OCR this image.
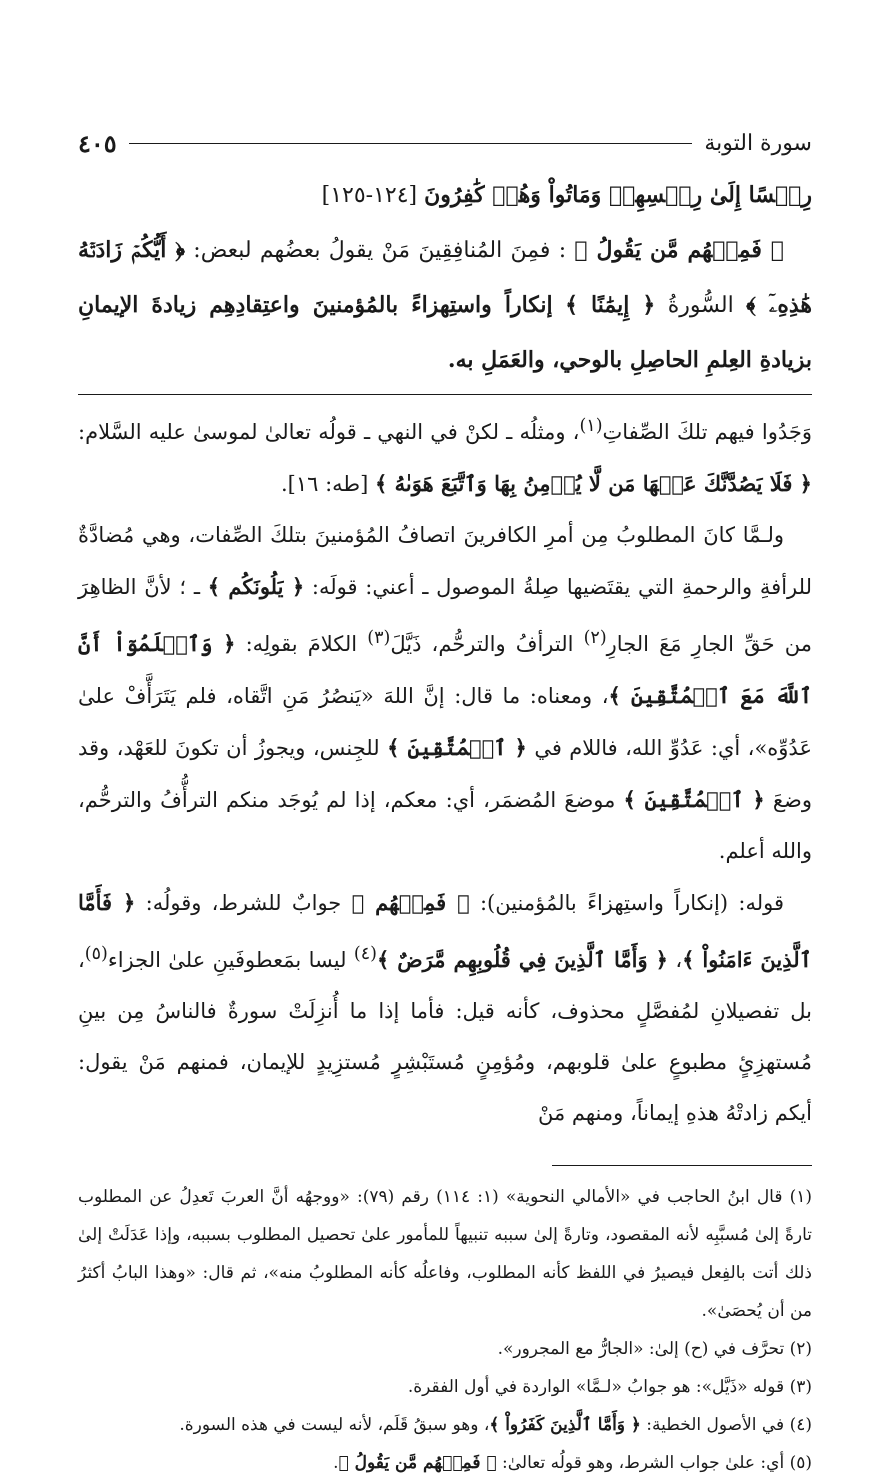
سورة التوبة
٤٠٥

رِجۡسًا إِلَىٰ رِجۡسِهِمۡ وَمَاتُواْ وَهُمۡ كَٰفِرُونَ [١٢٤-١٢٥]

﴿ فَمِنۡهُم مَّن يَقُولُ ﴾ : فمِنَ المُنافِقِينَ مَنْ يقولُ بعضُهم لبعض: ﴿ أَيُّكُمۡ زَادَتۡهُ هَٰذِهِۦٓ ﴾ السُّورةُ ﴿ إِيمَٰنًا ﴾ إنكاراً واستِهزاءً بالمُؤمنينَ واعتِقادِهِم زيادةَ الإيمانِ بزيادةِ العِلمِ الحاصِلِ بالوحي، والعَمَلِ به.

وَجَدُوا فيهم تلكَ الصِّفاتِ$^{(١)}$، ومثلُه ـ لكنْ في النهي ـ قولُه تعالىٰ لموسىٰ عليه السَّلام: ﴿ فَلَا يَصُدَّنَّكَ عَنۡهَا مَن لَّا يُؤۡمِنُ بِهَا وَٱتَّبَعَ هَوَىٰهُ ﴾ [طه: ١٦].

ولـمَّا كانَ المطلوبُ مِن أمرِ الكافرينَ اتصافُ المُؤمنينَ بتلكَ الصِّفات، وهي مُضادَّةٌ للرأفةِ والرحمةِ التي يقتَضيها صِلةُ الموصول ـ أعني: قولَه: ﴿ يَلُونَكُم ﴾ ـ ؛ لأنَّ الظاهِرَ من حَقِّ الجارِ مَعَ الجارِ$^{(٢)}$ الترأفُ والترحُّم، ذَيَّلَ$^{(٣)}$ الكلامَ بقولِه: ﴿ وَٱعۡلَمُوٓاْ أَنَّ ٱللَّهَ مَعَ ٱلۡمُتَّقِينَ ﴾، ومعناه: ما قال: إنَّ اللهَ «يَنصُرُ مَنِ اتَّقاه، فلم يَتَرَأَّفْ علىٰ عَدُوِّه»، أي: عَدُوِّ الله، فاللام في ﴿ ٱلۡمُتَّقِينَ ﴾ للجِنس، ويجوزُ أن تكونَ للعَهْد، وقد وضعَ ﴿ ٱلۡمُتَّقِينَ ﴾ موضعَ المُضمَر، أي: معكم، إذا لم يُوجَد منكم الترأُّفُ والترحُّم، والله أعلم.

قوله: (إنكاراً واستِهزاءً بالمُؤمنين): ﴿ فَمِنۡهُم ﴾ جوابٌ للشرط، وقولُه: ﴿ فَأَمَّا ٱلَّذِينَ ءَامَنُواْ ﴾، ﴿ وَأَمَّا ٱلَّذِينَ فِي قُلُوبِهِم مَّرَضٌ ﴾$^{(٤)}$ ليسا بمَعطوفَينِ علىٰ الجزاء$^{(٥)}$، بل تفصيلانِ لمُفصَّلٍ محذوف، كأنه قيل: فأما إذا ما أُنزِلَتْ سورةٌ فالناسُ مِن بينِ مُستهزِئٍ مطبوعٍ علىٰ قلوبهم، ومُؤمِنٍ مُستَبْشِرٍ مُستزِيدٍ للإيمان، فمنهم مَنْ يقول: أيكم زادتْهُ هذهِ إيماناً، ومنهم مَنْ

(١) قال ابنُ الحاجب في «الأمالي النحوية» (١: ١١٤) رقم (٧٩): «ووجهُه أنَّ العربَ تَعدِلُ عن المطلوب تارةً إلىٰ مُسبَّبِه لأنه المقصود، وتارةً إلىٰ سببه تنبيهاً للمأمور علىٰ تحصيل المطلوب بسببه، وإذا عَدَلَتْ إلىٰ ذلك أتت بالفِعل فيصيرُ في اللفظ كأنه المطلوب، وفاعلُه كأنه المطلوبُ منه»، ثم قال: «وهذا البابُ أكثرُ من أن يُحصَىٰ».

(٢) تحرَّف في (ح) إلىٰ: «الجارُّ مع المجرور».

(٣) قوله «ذَيَّل»: هو جوابُ «لـمَّا» الواردة في أول الفقرة.

(٤) في الأصول الخطية: ﴿ وَأَمَّا ٱلَّذِينَ كَفَرُواْ ﴾، وهو سبقُ قَلَم، لأنه ليست في هذه السورة.

(٥) أي: علىٰ جواب الشرط، وهو قولُه تعالىٰ: ﴿ فَمِنۡهُم مَّن يَقُولُ ﴾.
